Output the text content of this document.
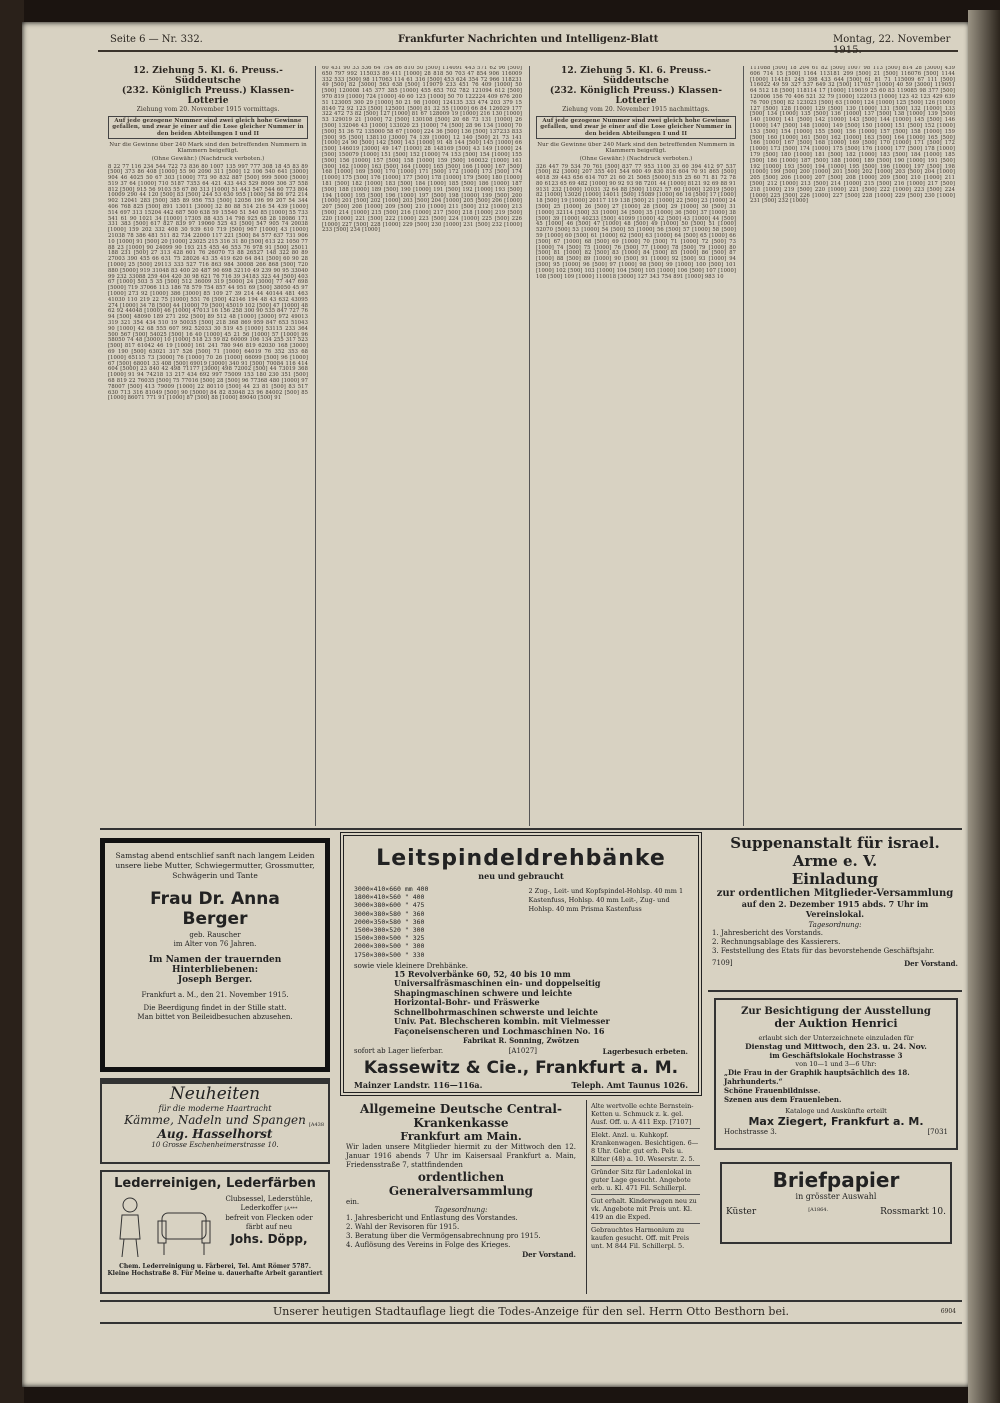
Seite 6 — Nr. 332.	Frankfurter Nachrichten und Intelligenz-Blatt	Montag, 22. November 1915.
12. Ziehung 5. Kl. 6. Preuss.-Süddeutsche
(232. Königlich Preuss.) Klassen-Lotterie
Ziehung vom 20. November 1915 vormittags.
Auf jede gezogene Nummer sind zwei gleich hohe Gewinne gefallen, und zwar je einer auf die Lose gleicher Nummer in den beiden Abteilungen I und II
Nur die Gewinne über 240 Mark sind den betreffenden Nummern in Klammern beigefügt.
(Ohne Gewähr.) (Nachdruck verboten.)
8 22 77 116 234 544 722 73 836 80 1007 135 997 777 308 18 45 83 89 [500] 373 86 408 [1000] 55 90 2090 311 [500] 12 106 540 641 [3000] 904 46 4025 50 67 303 [1000] 773 90 832 887 [500] 999 5000 [5000] 519 37 64 [1000] 710 5187 7353 64 421 433 443 529 8009 306 37 558 812 [500] 915 56 9103 55 67 80 313 [1000] 51 443 547 544 60 773 804 10009 290 44 120 [500] 83 [500] 244 53 630 955 [1000] 58 86 972 214 902 12041 283 [500] 385 89 956 753 [500] 12056 196 99 207 54 344 406 768 825 [500] 891 13011 [3000] 32 80 88 514 216 54 439 [1000] 514 697 313 15204 442 687 500 638 59 15540 51 540 85 [1000] 55 733 541 61 90 1021 34 [1000] 17305 88 435 14 798 925 68 28 18086 171 331 383 [500] 617 827 839 97 19060 525 43 [500] 547 905 74 20038 [1000] 159 202 332 408 30 939 610 719 [500] 967 [1000] 43 [1000] 21038 78 386 481 511 82 734 22000 117 221 [500] 84 577 637 731 906 10 [1000] 91 [500] 20 [1000] 23025 215 316 31 80 [500] 613 22 1050 77 88 23 [1000] 90 24099 90 193 215 455 46 553 76 978 91 [500] 25011 188 231 [500] 27 313 428 601 76 26070 73 88 26527 148 322 80 89 27003 390 455 66 631 75 28026 43 35 419 620 64 841 [500] 60 90 28 [1000] 25 [500] 29113 333 527 716 863 984 30008 266 868 [500] 720 880 [5000] 919 31048 83 400 20 487 90 698 32110 49 239 90 95 33040 99 232 33088 259 404 420 30 98 621 76 716 39 34183 323 44 [500] 403 67 [1000] 503 5 35 [500] 512 36009 319 [5000] 24 [3000] 77 447 698 [5000] 719 37066 113 186 78 579 754 857 44 951 69 [500] 38050 45 97 [1000] 273 92 [1000] 386 [3000] 85 109 27 39 214 44 40144 481 463 41030 110 219 22 75 [1000] 551 76 [500] 42146 194 48 43 632 43095 274 [1000] 34 78 [500] 44 [1000] 79 [500] 45019 102 [500] 47 [1000] 48 62 92 44048 [1000] 46 [1000] 47013 16 156 258 300 90 535 847 727 76 94 [500] 48090 189 271 292 [500] 89 512 48 [1000] [3000] 972 49013 319 321 354 434 510 19 50035 [500] 218 368 869 959 847 653 51043 90 [1000] 42 68 555 607 992 52033 30 519 45 [1000] 53115 233 364 500 567 [500] 54025 [500] 16 40 [1000] 45 21 56 [1000] 57 [1000] 96 58050 74 48 [3000] 10 [1000] 518 23 59 82 60009 106 134 255 317 523 [500] 817 61042 46 19 [1000] 161 241 780 946 819 62030 168 [3000] 69 190 [500] 63021 317 526 [500] 71 [1000] 64019 76 352 353 68 [1000] 65115 73 [3000] 76 [1000] 70 26 [1000] 66099 [500] 96 [1000] 67 [500] 68001 33 408 [500] 69019 [3000] 340 91 [500] 70084 116 414 604 [5000] 23 840 42 498 71177 [3000] 498 72002 [500] 44 73019 368 [1000] 91 94 74218 13 217 434 692 997 75009 153 180 230 351 [500] 68 819 22 76035 [500] 75 77016 [500] 28 [500] 96 77368 480 [1000] 97 78007 [500] 413 79009 [1000] 22 80110 [500] 44 23 81 [500] 83 517 630 713 316 81049 [500] 90 [5000] 84 82 83048 23 96 84002 [500] 85 [1000] 86071 771 91 [1000] 87 [500] 88 [1000] 89040 [500] 91
60 431 90 33 536 64 754 86 810 50 [500] 114091 443 571 62 96 [500] 650 797 992 115033 89 411 [1000] 28 818 50 703 47 854 906 116009 332 533 [500] 98 117063 114 61 316 [500] 453 624 354 72 966 118231 49 [500] 82 [3000] 563 638 [500] 119079 233 451 76 409 [1000] 50 [500] 120008 145 377 385 [1000] 455 653 702 782 121094 612 [500] 970 819 [1000] 724 [1000] 40 60 123 [1000] 50 70 122224 409 676 200 51 123005 300 29 [1000] 50 21 98 [1000] 124135 333 474 203 379 15 8140 72 92 123 [500] 125001 [500] 81 32 55 [1000] 66 84 126029 177 322 472 73 82 [500] 127 [1000] 81 67 128009 19 [1000] 216 130 [1000] 53 129019 21 [1000] 72 [500] 130108 [500] 20 68 73 131 [1000] 26 [500] 132046 43 [1000] 133020 23 [1000] 74 [500] 28 96 134 [1000] 70 [500] 51 36 72 135000 58 67 [1000] 224 36 [500] 136 [500] 137233 833 [500] 95 [500] 138110 [3000] 74 139 [1000] 12 140 [500] 21 73 141 [1000] 24 90 [500] 142 [500] 143 [1000] 91 48 144 [500] 145 [1000] 66 [500] 146019 [3000] 49 147 [1000] 28 148169 [500] 43 149 [1000] 24 [500] 150079 [1000] 151 [500] 152 [1000] 74 153 [500] 154 [1000] 155 [500] 156 [1000] 157 [500] 158 [1000] 159 [500] 160032 [1000] 161 [500] 162 [1000] 163 [500] 164 [1000] 165 [500] 166 [1000] 167 [500] 168 [1000] 169 [500] 170 [1000] 171 [500] 172 [1000] 173 [500] 174 [1000] 175 [500] 176 [1000] 177 [500] 178 [1000] 179 [500] 180 [1000] 181 [500] 182 [1000] 183 [500] 184 [1000] 185 [500] 186 [1000] 187 [500] 188 [1000] 189 [500] 190 [1000] 191 [500] 192 [1000] 193 [500] 194 [1000] 195 [500] 196 [1000] 197 [500] 198 [1000] 199 [500] 200 [1000] 201 [500] 202 [1000] 203 [500] 204 [1000] 205 [500] 206 [1000] 207 [500] 208 [1000] 209 [500] 210 [1000] 211 [500] 212 [1000] 213 [500] 214 [1000] 215 [500] 216 [1000] 217 [500] 218 [1000] 219 [500] 220 [1000] 221 [500] 222 [1000] 223 [500] 224 [1000] 225 [500] 226 [1000] 227 [500] 228 [1000] 229 [500] 230 [1000] 231 [500] 232 [1000] 233 [500] 234 [1000]
12. Ziehung 5. Kl. 6. Preuss.-Süddeutsche
(232. Königlich Preuss.) Klassen-Lotterie
Ziehung vom 20. November 1915 nachmittags.
Auf jede gezogene Nummer sind zwei gleich hohe Gewinne gefallen, und zwar je einer auf die Lose gleicher Nummer in den beiden Abteilungen I und II
Nur die Gewinne über 240 Mark sind den betreffenden Nummern in Klammern beigefügt.
(Ohne Gewähr.) (Nachdruck verboten.)
326 447 79 534 70 761 [500] 837 77 953 1100 33 60 394 412 97 537 [500] 82 [3000] 207 355 401 544 600 49 830 816 604 70 91 865 [500] 4018 39 443 656 614 707 21 60 21 5065 [5000] 515 25 60 71 81 72 78 80 6123 65 69 482 [1000] 90 92 93 98 7201 44 [1000] 8121 92 69 88 91 9131 232 [1000] 10031 32 64 88 [500] 11021 57 60 [1000] 12019 [500] 82 [1000] 13026 [1000] 14011 [500] 15089 [1000] 66 16 [500] 17 [1000] 18 [500] 19 [1000] 20117 119 138 [500] 21 [1000] 22 [500] 23 [1000] 24 [500] 25 [1000] 26 [500] 27 [1000] 28 [500] 29 [1000] 30 [500] 31 [1000] 32114 [500] 33 [1000] 34 [500] 35 [1000] 36 [500] 37 [1000] 38 [500] 39 [1000] 40233 [500] 41099 [1000] 42 [500] 43 [1000] 44 [500] 45 [1000] 46 [500] 47 [1000] 48 [500] 49 [1000] 50 [500] 51 [1000] 52070 [500] 53 [1000] 54 [500] 55 [1000] 56 [500] 57 [1000] 58 [500] 59 [1000] 60 [500] 61 [1000] 62 [500] 63 [1000] 64 [500] 65 [1000] 66 [500] 67 [1000] 68 [500] 69 [1000] 70 [500] 71 [1000] 72 [500] 73 [1000] 74 [500] 75 [1000] 76 [500] 77 [1000] 78 [500] 79 [1000] 80 [500] 81 [1000] 82 [500] 83 [1000] 84 [500] 85 [1000] 86 [500] 87 [1000] 88 [500] 89 [1000] 90 [500] 91 [1000] 92 [500] 93 [1000] 94 [500] 95 [1000] 96 [500] 97 [1000] 98 [500] 99 [1000] 100 [500] 101 [1000] 102 [500] 103 [1000] 104 [500] 105 [1000] 106 [500] 107 [1000] 108 [500] 109 [1000] 110018 [3000] 127 343 754 891 [1000] 983 10
111088 [500] 18 204 61 82 [500] 1007 98 113 [500] 814 28 [3000] 439 606 714 15 [500] 1164 113181 299 [500] 21 [500] 116076 [500] 1144 [1000] 114181 245 398 433 644 [500] 61 81 71 115009 67 111 [500] 116022 49 59 327 537 649 32 [500] 117057 [1000] 40 59 [3000] 119051 64 512 18 [500] 118114 17 [1000] 119019 25 60 83 119085 98 377 [500] 120006 156 70 406 521 32 79 [1000] 122013 [1000] 123 42 123 429 639 76 700 [500] 82 123023 [500] 63 [1000] 124 [1000] 125 [500] 126 [1000] 127 [500] 128 [1000] 129 [500] 130 [1000] 131 [500] 132 [1000] 133 [500] 134 [1000] 135 [500] 136 [1000] 137 [500] 138 [1000] 139 [500] 140 [1000] 141 [500] 142 [1000] 143 [500] 144 [1000] 145 [500] 146 [1000] 147 [500] 148 [1000] 149 [500] 150 [1000] 151 [500] 152 [1000] 153 [500] 154 [1000] 155 [500] 156 [1000] 157 [500] 158 [1000] 159 [500] 160 [1000] 161 [500] 162 [1000] 163 [500] 164 [1000] 165 [500] 166 [1000] 167 [500] 168 [1000] 169 [500] 170 [1000] 171 [500] 172 [1000] 173 [500] 174 [1000] 175 [500] 176 [1000] 177 [500] 178 [1000] 179 [500] 180 [1000] 181 [500] 182 [1000] 183 [500] 184 [1000] 185 [500] 186 [1000] 187 [500] 188 [1000] 189 [500] 190 [1000] 191 [500] 192 [1000] 193 [500] 194 [1000] 195 [500] 196 [1000] 197 [500] 198 [1000] 199 [500] 200 [1000] 201 [500] 202 [1000] 203 [500] 204 [1000] 205 [500] 206 [1000] 207 [500] 208 [1000] 209 [500] 210 [1000] 211 [500] 212 [1000] 213 [500] 214 [1000] 215 [500] 216 [1000] 217 [500] 218 [1000] 219 [500] 220 [1000] 221 [500] 222 [1000] 223 [500] 224 [1000] 225 [500] 226 [1000] 227 [500] 228 [1000] 229 [500] 230 [1000] 231 [500] 232 [1000]
Samstag abend entschlief sanft nach langem Leiden unsere liebe Mutter, Schwiegermutter, Grossmutter, Schwägerin und Tante
Frau Dr. Anna Berger
geb. Rauscher
im Alter von 76 Jahren.
Im Namen der trauernden Hinterbliebenen:
Joseph Berger.
Frankfurt a. M., den 21. November 1915.
Die Beerdigung findet in der Stille statt.
Man bittet von Beileidbesuchen abzusehen.
Leitspindeldrehbänke
neu und gebraucht
3000×410×660 mm 400
1800×410×560 " 400
3000×380×600 " 475
3000×380×580 " 360
2000×350×580 " 360
1500×300×520 " 300
1500×300×500 " 325
2000×300×500 " 300
1750×300×500 " 330
2 Zug-, Leit- und Kopfspindel-Hohlsp. 40 mm 1 Kastenfuss, Hohlsp. 40 mm Leit-, Zug- und Hohlsp. 40 mm Prisma Kastenfuss
sowie viele kleinere Drehbänke.
15 Revolverbänke 60, 52, 40 bis 10 mm
Universalfräsmaschinen ein- und doppelseitig
Shapingmaschinen schwere und leichte
Horizontal-Bohr- und Fräswerke
Schnellbohrmaschinen schwerste und leichte
Univ. Pat. Blechscheren kombin. mit Vielmesser
Façoneisenscheren und Lochmaschinen No. 16
Fabrikat R. Sonning, Zwötzen
sofort ab Lager lieferbar.	[A1027]	Lagerbesuch erbeten.
Kassewitz & Cie., Frankfurt a. M.
Mainzer Landstr. 116—116a.	Teleph. Amt Taunus 1026.
Suppenanstalt für israel. Arme e. V.
Einladung
zur ordentlichen Mitglieder-Versammlung
auf den 2. Dezember 1915 abds. 7 Uhr im Vereinslokal.
Tagesordnung:
1. Jahresbericht des Vorstands.
2. Rechnungsablage des Kassierers.
3. Feststellung des Etats für das bevorstehende Geschäftsjahr.
7109]	Der Vorstand.
Zur Besichtigung der Ausstellung
der Auktion Henrici
erlaubt sich der Unterzeichnete einzuladen für
Dienstag und Mittwoch, den 23. u. 24. Nov.
im Geschäftslokale Hochstrasse 3
von 10—1 und 3—6 Uhr:
„Die Frau in der Graphik hauptsächlich des 18. Jahrhunderts.“
Schöne Frauenbildnisse.
Szenen aus dem Frauenleben.
Kataloge und Auskünfte erteilt
Max Ziegert, Frankfurt a. M.
Hochstrasse 3.	[7031
Unserer heutigen Stadtauflage liegt die Todes-Anzeige für den sel. Herrn Otto Besthorn bei.	6904
Neuheiten
für die moderne Haartracht
Kämme, Nadeln und Spangen
Aug. Hasselhorst
10 Grosse Eschenheimerstrasse 10.
[A438
Lederreinigen, Lederfärben
Clubsessel, Lederstühle,
Lederkoffer [A***
befreit von Flecken oder
färbt auf neu
Johs. Döpp,
Chem. Lederreinigung u. Färberei, Tel. Amt Römer 5787.
Kleine Hochstraße 8. Für Meine u. dauerhafte Arbeit garantiert
Allgemeine Deutsche Central-Krankenkasse
Frankfurt am Main.
Wir laden unsere Mitglieder hiermit zu der Mittwoch den 12. Januar 1916 abends 7 Uhr im Kaisersaal Frankfurt a. Main, Friedensstraße 7, stattfindenden
ordentlichen Generalversammlung
ein.
Tagesordnung:
1. Jahresbericht und Entlastung des Vorstandes.
2. Wahl der Revisoren für 1915.
3. Beratung über die Vermögensabrechnung pro 1915.
4. Auflösung des Vereins in Folge des Krieges.
Der Vorstand.
Alte wertvolle echte Bernstein-Ketten u. Schmuck z. k. gel. Ausf. Off. u. A 411 Exp. [7107]
Elekt. Anzl. u. Kuhkopf. Krankenwagen. Besichtigen. 6—8 Uhr. Gebr. gut erh. Pels u. Kilter (48) a. 10. Weserstr. 2. 5.
Gründer Sitz für Ladenlokal in guter Lage gesucht. Angebote erb. u. Kl. 471 Fil. Schillerpl.
Gut erhalt. Kinderwagen neu zu vk. Angebote mit Preis unt. Kl. 419 an die Exped.
Gebrauchtes Harmonium zu kaufen gesucht. Off. mit Preis unt. M 844 Fil. Schillerpl. 5.
Briefpapier
in grösster Auswahl
Küster	[A1864.	Rossmarkt 10.
